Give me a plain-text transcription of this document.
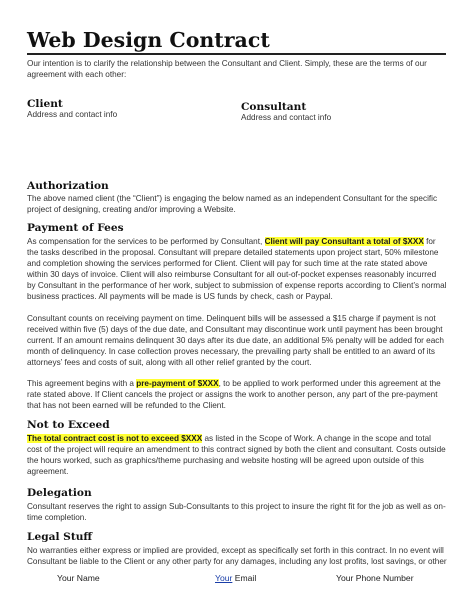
Web Design Contract
Our intention is to clarify the relationship between the Consultant and Client. Simply, these are the terms of our agreement with each other:
Client
Address and contact info
Consultant
Address and contact info
Authorization
The above named client (the “Client”) is engaging the below named as an independent Consultant for the specific project of designing, creating and/or improving a Website.
Payment of Fees
As compensation for the services to be performed by Consultant, Client will pay Consultant a total of $XXX for the tasks described in the proposal. Consultant will prepare detailed statements upon project start, 50% milestone and completion showing the services performed for Client. Client will pay for such time at the rate stated above within 30 days of invoice. Client will also reimburse Consultant for all out-of-pocket expenses reasonably incurred by Consultant in the performance of her work, subject to submission of expense reports according to Client’s normal business practices. All payments will be made is US funds by check, cash or Paypal.
Consultant counts on receiving payment on time. Delinquent bills will be assessed a $15 charge if payment is not received within five (5) days of the due date, and Consultant may discontinue work until payment has been brought current. If an amount remains delinquent 30 days after its due date, an additional 5% penalty will be added for each month of delinquency. In case collection proves necessary, the prevailing party shall be entitled to an award of its attorneys’ fees and costs of suit, along with all other relief granted by the court.
This agreement begins with a pre-payment of $XXX, to be applied to work performed under this agreement at the rate stated above. If Client cancels the project or assigns the work to another person, any part of the pre-payment that has not been earned will be refunded to the Client.
Not to Exceed
The total contract cost is not to exceed $XXX as listed in the Scope of Work. A change in the scope and total cost of the project will require an amendment to this contract signed by both the client and consultant. Costs outside the hours worked, such as graphics/theme purchasing and website hosting will be agreed upon outside of this agreement.
Delegation
Consultant reserves the right to assign Sub-Consultants to this project to insure the right fit for the job as well as on-time completion.
Legal Stuff
No warranties either express or implied are provided, except as specifically set forth in this contract. In no event will Consultant be liable to the Client or any other party for any damages, including any lost profits, lost savings, or other
Your Name	Your Email	Your Phone Number
